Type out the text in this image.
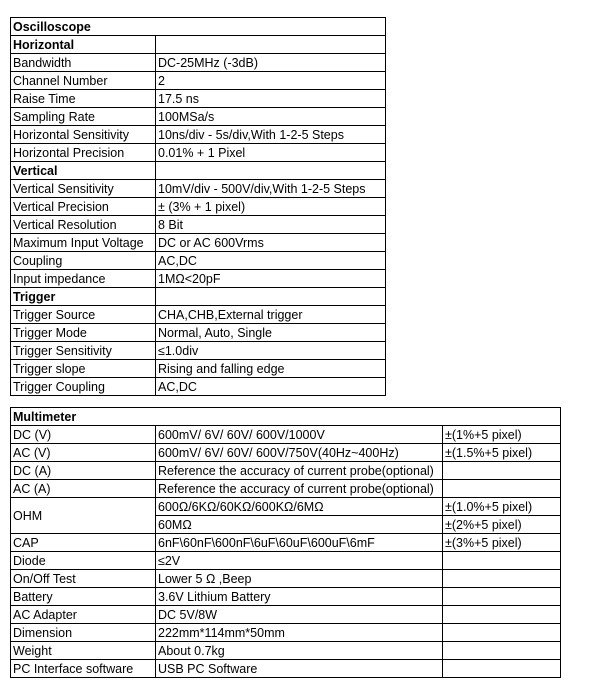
Oscilloscope	
Horizontal	
Bandwidth	DC-25MHz (-3dB)
Channel Number	2
Raise Time	17.5 ns
Sampling Rate	100MSa/s
Horizontal Sensitivity	10ns/div - 5s/div,With 1-2-5 Steps
Horizontal Precision	0.01% + 1 Pixel
Vertical	
Vertical Sensitivity	10mV/div - 500V/div,With 1-2-5 Steps
Vertical Precision	± (3% + 1 pixel)
Vertical Resolution	8 Bit
Maximum Input Voltage	DC or AC 600Vrms
Coupling	AC,DC
Input impedance	1MΩ<20pF
Trigger	
Trigger Source	CHA,CHB,External trigger
Trigger Mode	Normal, Auto, Single
Trigger Sensitivity	≤1.0div
Trigger slope	Rising and falling edge
Trigger Coupling	AC,DC
Multimeter		
DC (V)	600mV/ 6V/ 60V/ 600V/1000V	±(1%+5 pixel)
AC (V)	600mV/ 6V/ 60V/ 600V/750V(40Hz~400Hz)	±(1.5%+5 pixel)
DC (A)	Reference the accuracy of current probe(optional)	
AC (A)	Reference the accuracy of current probe(optional)	
OHM	600Ω/6KΩ/60KΩ/600KΩ/6MΩ	±(1.0%+5 pixel)
	60MΩ	±(2%+5 pixel)
CAP	6nF\60nF\600nF\6uF\60uF\600uF\6mF	±(3%+5 pixel)
Diode	≤2V	
On/Off Test	Lower 5 Ω ,Beep	
Battery	3.6V Lithium Battery	
AC Adapter	DC 5V/8W	
Dimension	222mm*114mm*50mm	
Weight	About 0.7kg	
PC Interface software	USB PC Software	
